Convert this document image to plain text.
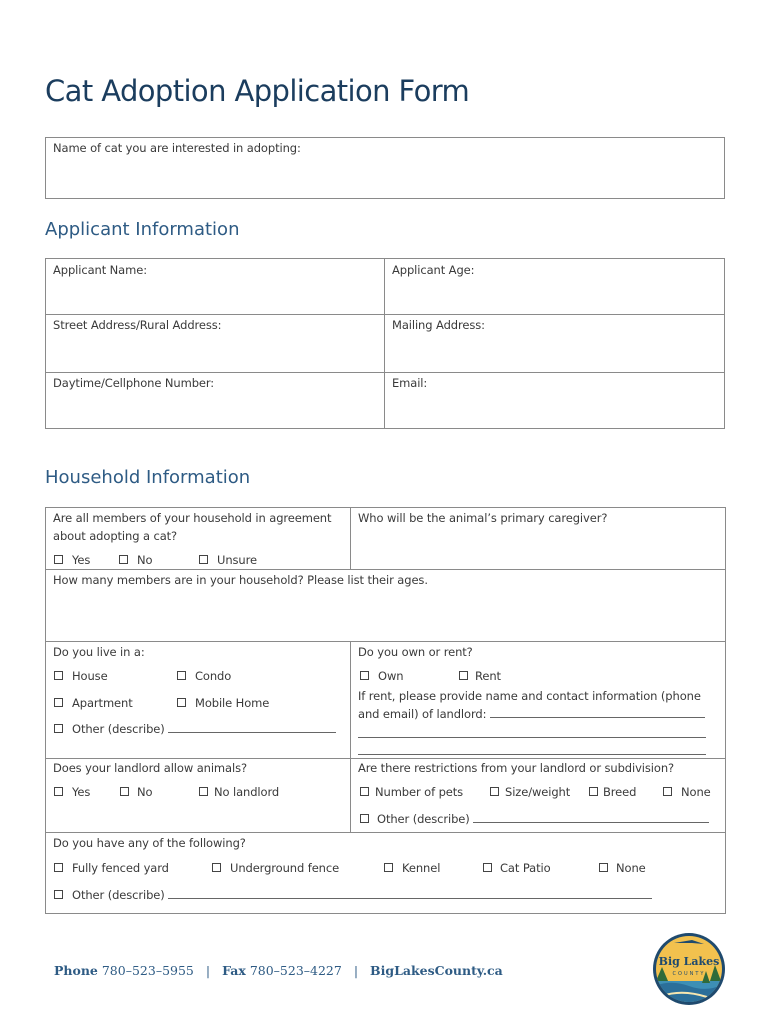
Cat Adoption Application Form
Name of cat you are interested in adopting:
Applicant Information
Applicant Name:	Applicant Age:
Street Address/Rural Address:	Mailing Address:
Daytime/Cellphone Number:	Email:
Household Information
Are all members of your household in agreement about adopting a cat?
Yes	No	Unsure
Who will be the animal’s primary caregiver?
How many members are in your household? Please list their ages.
Do you live in a:
House	Condo
Apartment	Mobile Home
Other (describe)
Do you own or rent?
Own	Rent
If rent, please provide name and contact information (phone
and email) of landlord:
Does your landlord allow animals?
Yes	No	No landlord
Are there restrictions from your landlord or subdivision?
Number of pets	Size/weight	Breed	None
Other (describe)
Do you have any of the following?
Fully fenced yard	Underground fence	Kennel	Cat Patio	None
Other (describe)
Phone 780–523–5955 | Fax 780–523–4227 | BigLakesCounty.ca
Big Lakes
COUNTY
